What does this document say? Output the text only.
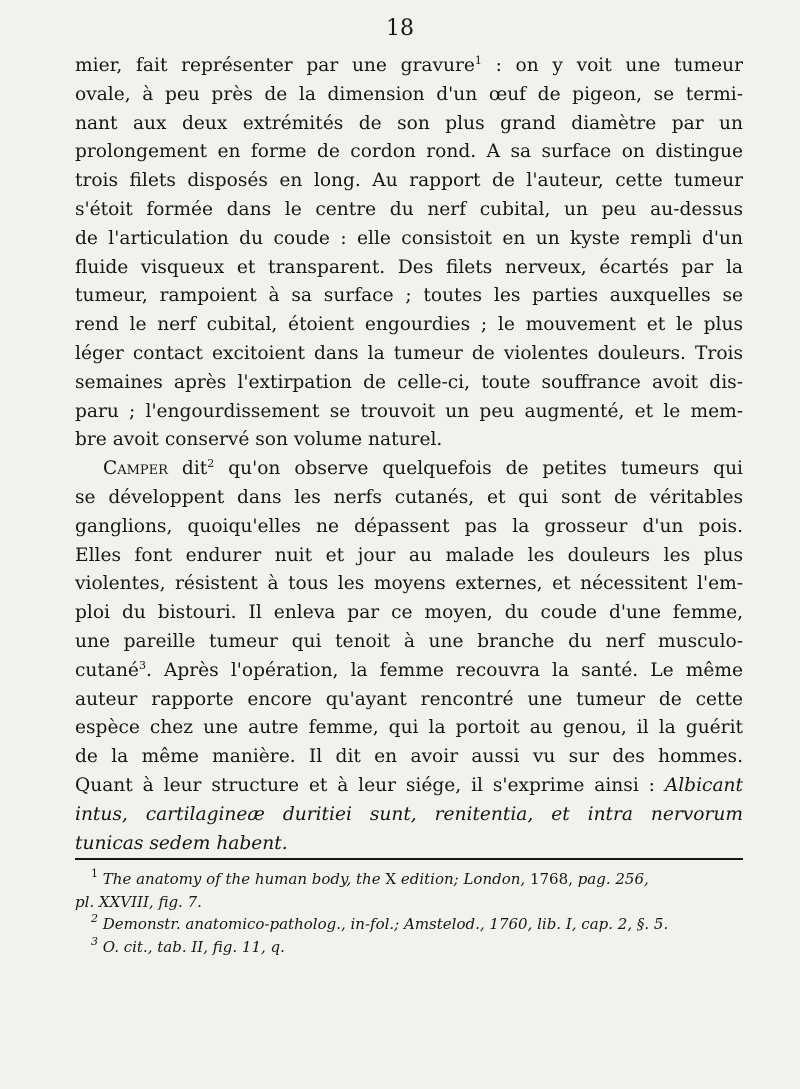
18

mier, fait représenter par une gravure$^1$ : on y voit une tumeur
ovale, à peu près de la dimension d'un œuf de pigeon, se termi-
nant aux deux extrémités de son plus grand diamètre par un
prolongement en forme de cordon rond. A sa surface on distingue
trois filets disposés en long. Au rapport de l'auteur, cette tumeur
s'étoit formée dans le centre du nerf cubital, un peu au-dessus
de l'articulation du coude : elle consistoit en un kyste rempli d'un
fluide visqueux et transparent. Des filets nerveux, écartés par la
tumeur, rampoient à sa surface ; toutes les parties auxquelles se
rend le nerf cubital, étoient engourdies ; le mouvement et le plus
léger contact excitoient dans la tumeur de violentes douleurs. Trois
semaines après l'extirpation de celle-ci, toute souffrance avoit dis-
paru ; l'engourdissement se trouvoit un peu augmenté, et le mem-
bre avoit conservé son volume naturel.

Camper dit$^2$ qu'on observe quelquefois de petites tumeurs qui
se développent dans les nerfs cutanés, et qui sont de véritables
ganglions, quoiqu'elles ne dépassent pas la grosseur d'un pois.
Elles font endurer nuit et jour au malade les douleurs les plus
violentes, résistent à tous les moyens externes, et nécessitent l'em-
ploi du bistouri. Il enleva par ce moyen, du coude d'une femme,
une pareille tumeur qui tenoit à une branche du nerf musculo-
cutané$^3$. Après l'opération, la femme recouvra la santé. Le même
auteur rapporte encore qu'ayant rencontré une tumeur de cette
espèce chez une autre femme, qui la portoit au genou, il la guérit
de la même manière. Il dit en avoir aussi vu sur des hommes.
Quant à leur structure et à leur siége, il s'exprime ainsi : Albicant
intus, cartilagineæ duritiei sunt, renitentia, et intra nervorum
tunicas sedem habent.

$^1$ The anatomy of the human body, the X edition; London, 1768, pag. 256,
pl. XXVIII, fig. 7.
$^2$ Demonstr. anatomico-patholog., in-fol.; Amstelod., 1760, lib. I, cap. 2, §. 5.
$^3$ O. cit., tab. II, fig. 11, q.
